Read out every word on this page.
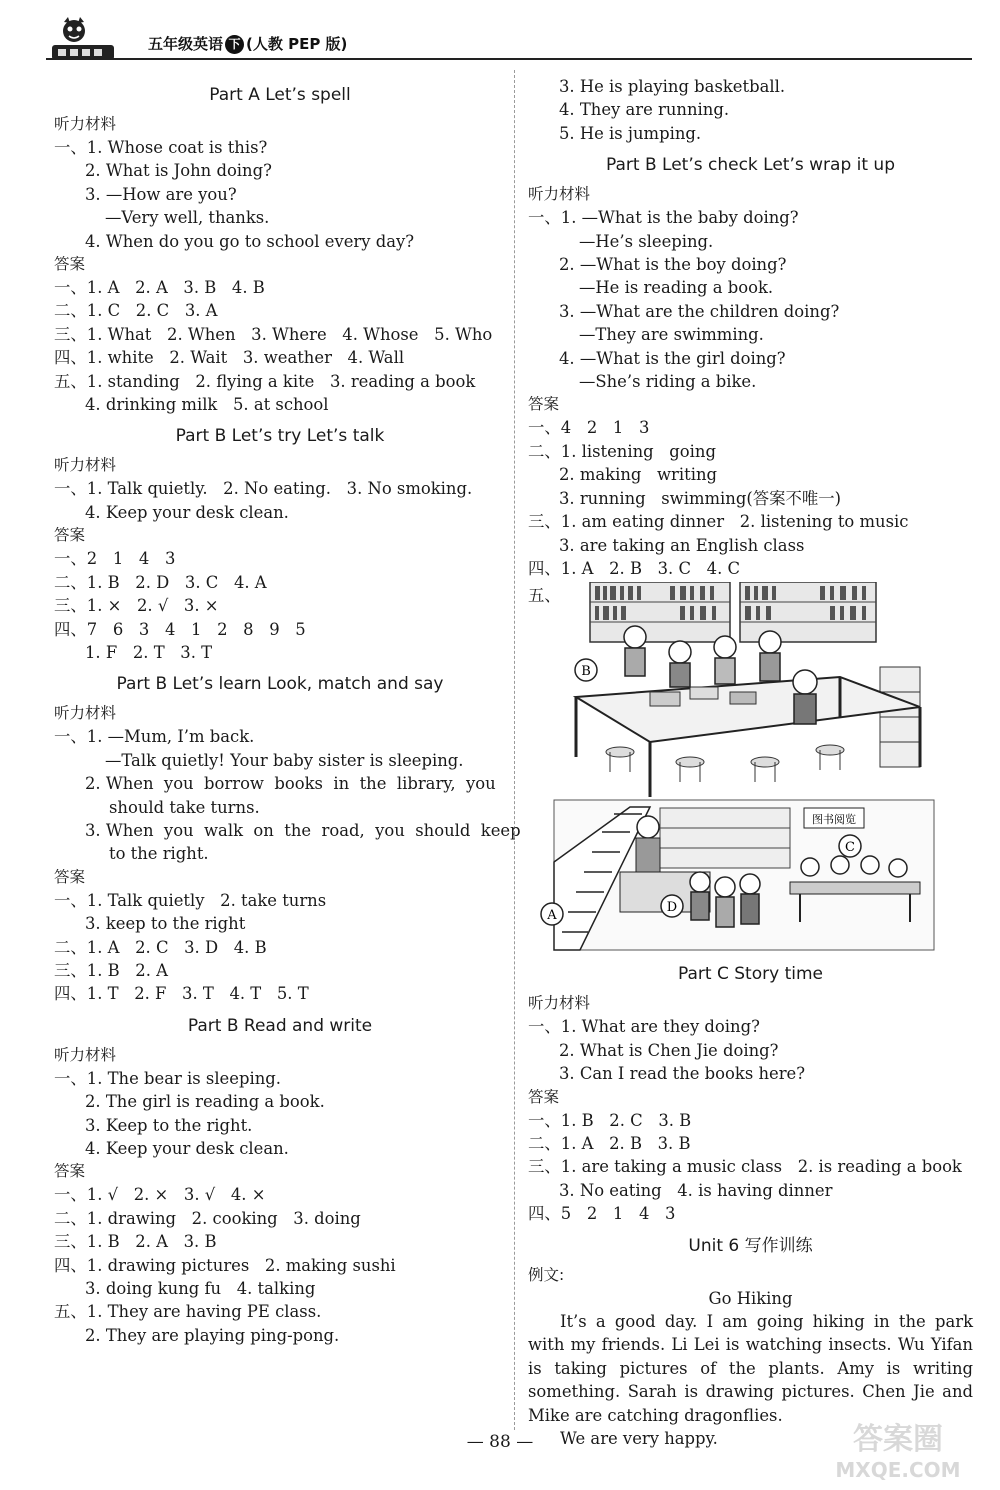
五年级英语 下 (人教 PEP 版)
Part A Let’s spell
听力材料
一、1. Whose coat is this?
2. What is John doing?
3. —How are you?
—Very well, thanks.
4. When do you go to school every day?
答案
一、1. A   2. A   3. B   4. B
二、1. C   2. C   3. A
三、1. What   2. When   3. Where   4. Whose   5. Who
四、1. white   2. Wait   3. weather   4. Wall
五、1. standing   2. flying a kite   3. reading a book
4. drinking milk   5. at school
Part B Let’s try Let’s talk
听力材料
一、1. Talk quietly.   2. No eating.   3. No smoking.
4. Keep your desk clean.
答案
一、2   1   4   3
二、1. B   2. D   3. C   4. A
三、1. ×   2. √   3. ×
四、7   6   3   4   1   2   8   9   5
1. F   2. T   3. T
Part B Let’s learn Look, match and say
听力材料
一、1. —Mum, I’m back.
—Talk quietly! Your baby sister is sleeping.
2. When  you  borrow  books  in  the  library,  you
should take turns.
3. When  you  walk  on  the  road,  you  should  keep
to the right.
答案
一、1. Talk quietly   2. take turns
3. keep to the right
二、1. A   2. C   3. D   4. B
三、1. B   2. A
四、1. T   2. F   3. T   4. T   5. T
Part B Read and write
听力材料
一、1. The bear is sleeping.
2. The girl is reading a book.
3. Keep to the right.
4. Keep your desk clean.
答案
一、1. √   2. ×   3. √   4. ×
二、1. drawing   2. cooking   3. doing
三、1. B   2. A   3. B
四、1. drawing pictures   2. making sushi
3. doing kung fu   4. talking
五、1. They are having PE class.
2. They are playing ping-pong.
3. He is playing basketball.
4. They are running.
5. He is jumping.
Part B Let’s check Let’s wrap it up
听力材料
一、1. —What is the baby doing?
—He’s sleeping.
2. —What is the boy doing?
—He is reading a book.
3. —What are the children doing?
—They are swimming.
4. —What is the girl doing?
—She’s riding a bike.
答案
一、4   2   1   3
二、1. listening   going
2. making   writing
3. running   swimming(答案不唯一)
三、1. am eating dinner   2. listening to music
3. are taking an English class
四、1. A   2. B   3. C   4. C
五、
B
图书阅览
A
C
D
Part C Story time
听力材料
一、1. What are they doing?
2. What is Chen Jie doing?
3. Can I read the books here?
答案
一、1. B   2. C   3. B
二、1. A   2. B   3. B
三、1. are taking a music class   2. is reading a book
3. No eating   4. is having dinner
四、5   2   1   4   3
Unit 6 写作训练
例文:
Go Hiking
It’s a good day. I am going hiking in the park with my friends. Li Lei is watching insects. Wu Yifan is taking pictures of the plants. Amy is writing something. Sarah is drawing pictures. Chen Jie and Mike are catching dragonflies.
We are very happy.
— 88 —	答案圈
MXQE.COM
